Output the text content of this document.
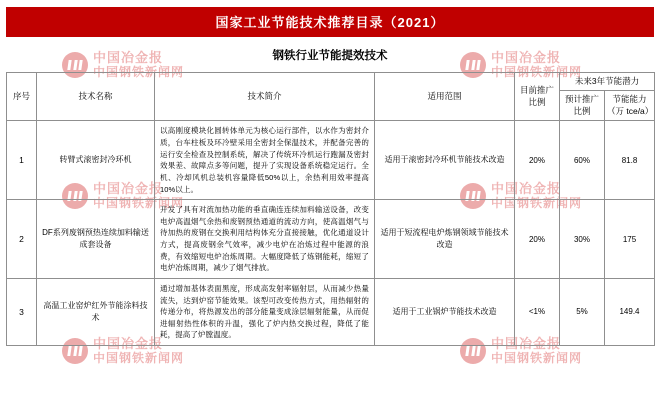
中国冶金报
中国钢铁新闻网
中国冶金报
中国钢铁新闻网
中国冶金报
中国钢铁新闻网
中国冶金报
中国钢铁新闻网
中国冶金报
中国钢铁新闻网
中国冶金报
中国钢铁新闻网
国家工业节能技术推荐目录（2021）
钢铁行业节能提效技术
序号	技术名称	技术简介	适用范围	目前推广比例	未来3年节能潜力	
					预计推广比例	节能能力（万 tce/a）
1	转臂式滚密封冷环机	以高刚度模块化圆转体单元为核心运行部件，以水作为密封介质，台车柱板及环冷壁采用全密封全保温技术，并配备完善的运行安全检查及控制系统，解决了传统环冷机运行跑漏及密封效果差、故障点多等问题，提升了实现设备系统稳定运行。全机、冷却风机总装机容量降低50%以上，余热利用效率提高10%以上。	适用于滚密封冷环机节能技术改造	20%	60%	81.8
2	DF系列废钢预热连续加料输送成套设备	开发了具有对流加热功能的垂直确连连续加料输送设备，改变电炉高温烟气余热和废钢预热通道的流动方向，使高温烟气与待加热的废钢在交换利用结构体充分直接接触，优化通道设计方式，提高废钢余气效率，减少电炉在冶炼过程中能源的浪费，有效缩短电炉冶炼周期。大幅度降低了炼钢能耗，缩短了电炉冶炼周期，减少了烟气排放。	适用于短流程电炉炼钢领域节能技术改造	20%	30%	175
3	高温工业窑炉红外节能涂料技术	通过增加基体表面黑度，形成高发射率辐射层，从而减少热量流失，达到炉窑节能效果。该型可改变传热方式，用热辐射的传递分布，将热源发出的部分能量变成涂层辐射能量，从而促进辐射热性体积的升温，强化了炉内热交换过程，降低了能耗，提高了炉膛温度。	适用于工业锅炉节能技术改造	<1%	5%	149.4
